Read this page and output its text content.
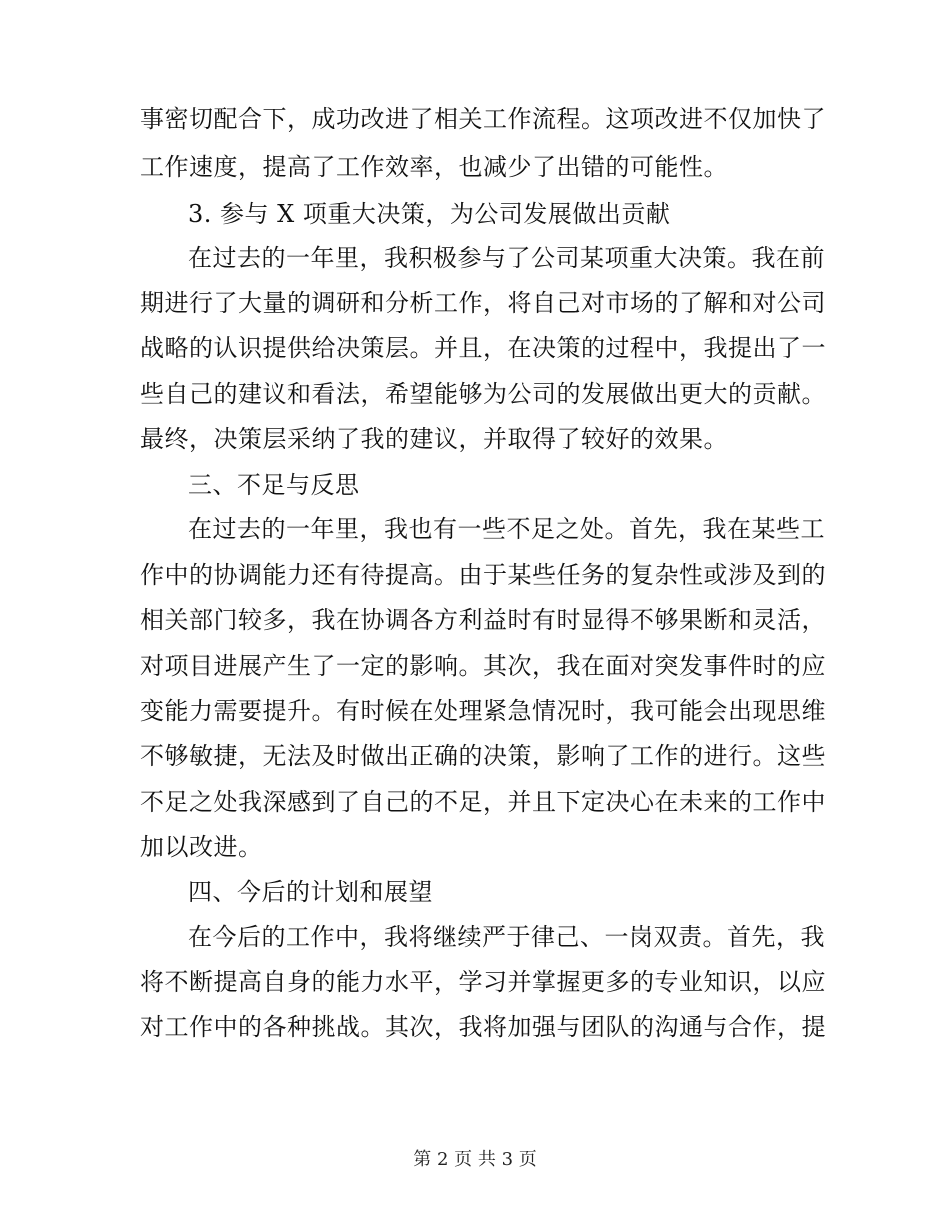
事密切配合下，成功改进了相关工作流程。这项改进不仅加快了
工作速度，提高了工作效率，也减少了出错的可能性。
3. 参与 X 项重大决策，为公司发展做出贡献
在过去的一年里，我积极参与了公司某项重大决策。我在前
期进行了大量的调研和分析工作，将自己对市场的了解和对公司
战略的认识提供给决策层。并且，在决策的过程中，我提出了一
些自己的建议和看法，希望能够为公司的发展做出更大的贡献。
最终，决策层采纳了我的建议，并取得了较好的效果。
三、不足与反思
在过去的一年里，我也有一些不足之处。首先，我在某些工
作中的协调能力还有待提高。由于某些任务的复杂性或涉及到的
相关部门较多，我在协调各方利益时有时显得不够果断和灵活，
对项目进展产生了一定的影响。其次，我在面对突发事件时的应
变能力需要提升。有时候在处理紧急情况时，我可能会出现思维
不够敏捷，无法及时做出正确的决策，影响了工作的进行。这些
不足之处我深感到了自己的不足，并且下定决心在未来的工作中
加以改进。
四、今后的计划和展望
在今后的工作中，我将继续严于律己、一岗双责。首先，我
将不断提高自身的能力水平，学习并掌握更多的专业知识，以应
对工作中的各种挑战。其次，我将加强与团队的沟通与合作，提
第 2 页 共 3 页
